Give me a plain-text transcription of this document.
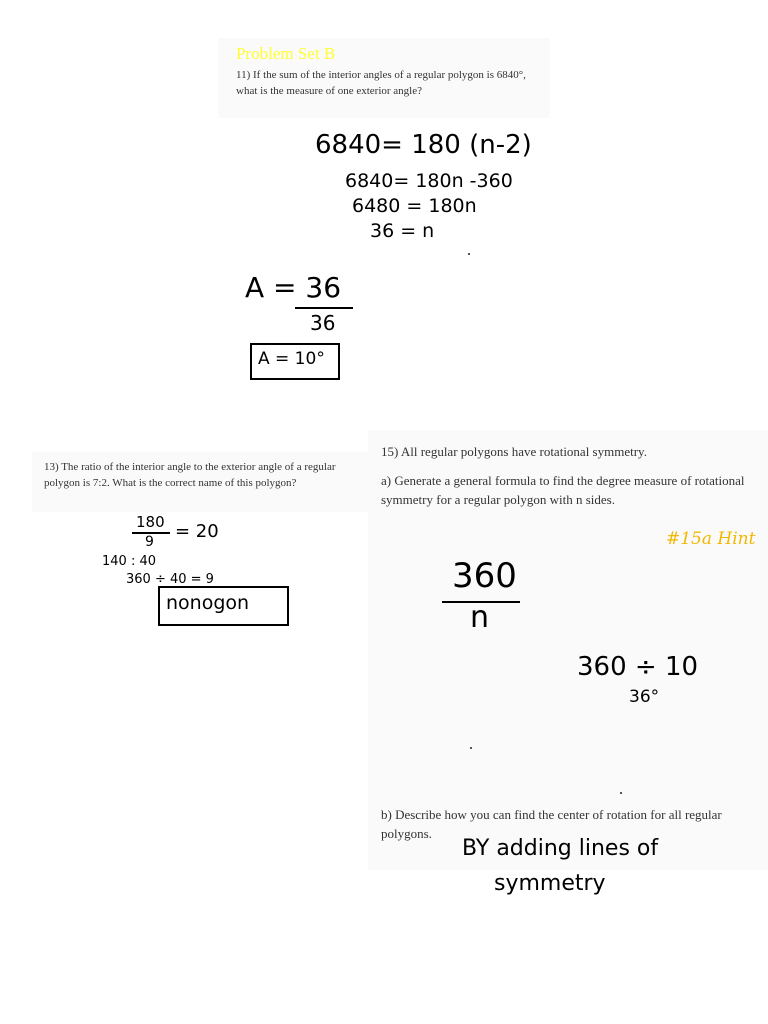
Problem Set B
11) If the sum of the interior angles of a regular polygon is 6840°, what is the measure of one exterior angle?
6840= 180 (n-2)
6840= 180n -360
6480 = 180n
36 = n
A = 36
36
A = 10°
13) The ratio of the interior angle to the exterior angle of a regular polygon is 7:2. What is the correct name of this polygon?
180
9 = 20
140 : 40
360 ÷ 40 = 9
nonogon
15) All regular polygons have rotational symmetry.
a) Generate a general formula to find the degree measure of rotational symmetry for a regular polygon with n sides.
#15a Hint
360
n
360 ÷ 10
36°
b) Describe how you can find the center of rotation for all regular polygons.
BY adding lines of
symmetry
